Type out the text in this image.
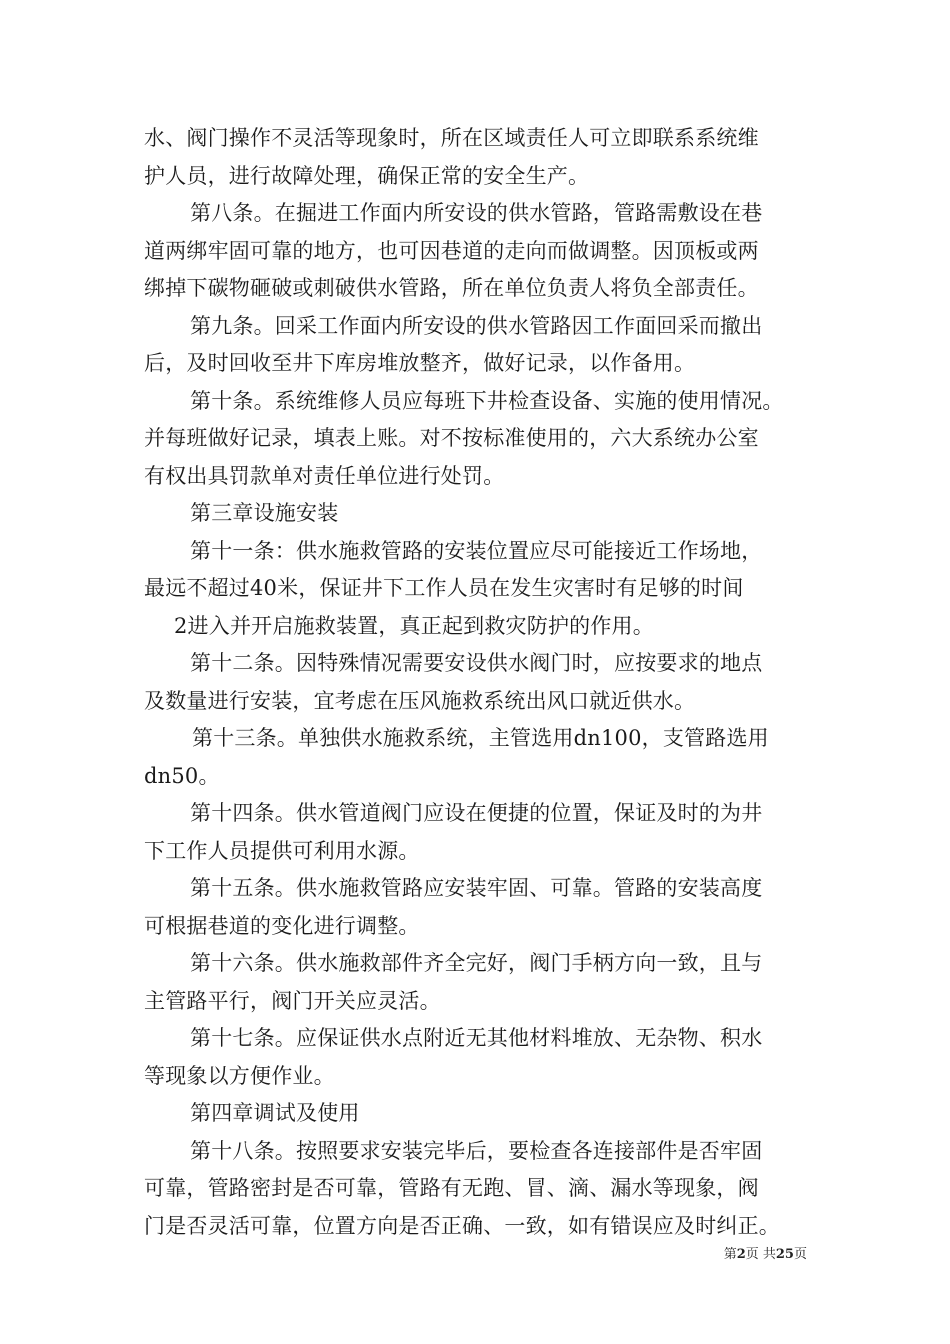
水、阀门操作不灵活等现象时，所在区域责任人可立即联系系统维
护人员，进行故障处理，确保正常的安全生产。
第八条。在掘进工作面内所安设的供水管路，管路需敷设在巷
道两绑牢固可靠的地方，也可因巷道的走向而做调整。因顶板或两
绑掉下碳物砸破或刺破供水管路，所在单位负责人将负全部责任。
第九条。回采工作面内所安设的供水管路因工作面回采而撤出
后，及时回收至井下库房堆放整齐，做好记录，以作备用。
第十条。系统维修人员应每班下井检查设备、实施的使用情况。
并每班做好记录，填表上账。对不按标准使用的，六大系统办公室
有权出具罚款单对责任单位进行处罚。
第三章设施安装
第十一条：供水施救管路的安装位置应尽可能接近工作场地，
最远不超过40米，保证井下工作人员在发生灾害时有足够的时间
2进入并开启施救装置，真正起到救灾防护的作用。
第十二条。因特殊情况需要安设供水阀门时，应按要求的地点
及数量进行安装，宜考虑在压风施救系统出风口就近供水。
第十三条。单独供水施救系统，主管选用dn100，支管路选用
dn50。
第十四条。供水管道阀门应设在便捷的位置，保证及时的为井
下工作人员提供可利用水源。
第十五条。供水施救管路应安装牢固、可靠。管路的安装高度
可根据巷道的变化进行调整。
第十六条。供水施救部件齐全完好，阀门手柄方向一致，且与
主管路平行，阀门开关应灵活。
第十七条。应保证供水点附近无其他材料堆放、无杂物、积水
等现象以方便作业。
第四章调试及使用
第十八条。按照要求安装完毕后，要检查各连接部件是否牢固
可靠，管路密封是否可靠，管路有无跑、冒、滴、漏水等现象，阀
门是否灵活可靠，位置方向是否正确、一致，如有错误应及时纠正。
第2页 共25页
